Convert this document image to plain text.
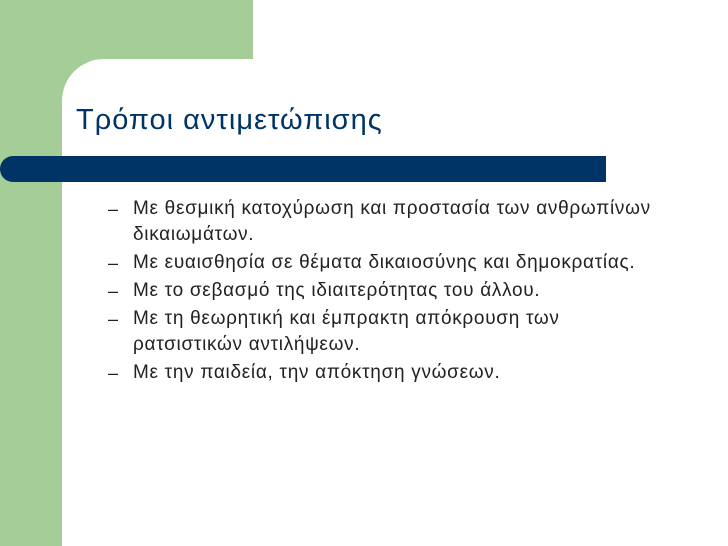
Τρόποι αντιμετώπισης
– Με θεσμική κατοχύρωση και προστασία των ανθρωπίνων δικαιωμάτων.
– Με ευαισθησία σε θέματα δικαιοσύνης και δημοκρατίας.
– Με το σεβασμό της ιδιαιτερότητας του άλλου.
– Με τη θεωρητική και έμπρακτη απόκρουση των ρατσιστικών αντιλήψεων.
– Με την παιδεία, την απόκτηση γνώσεων.
